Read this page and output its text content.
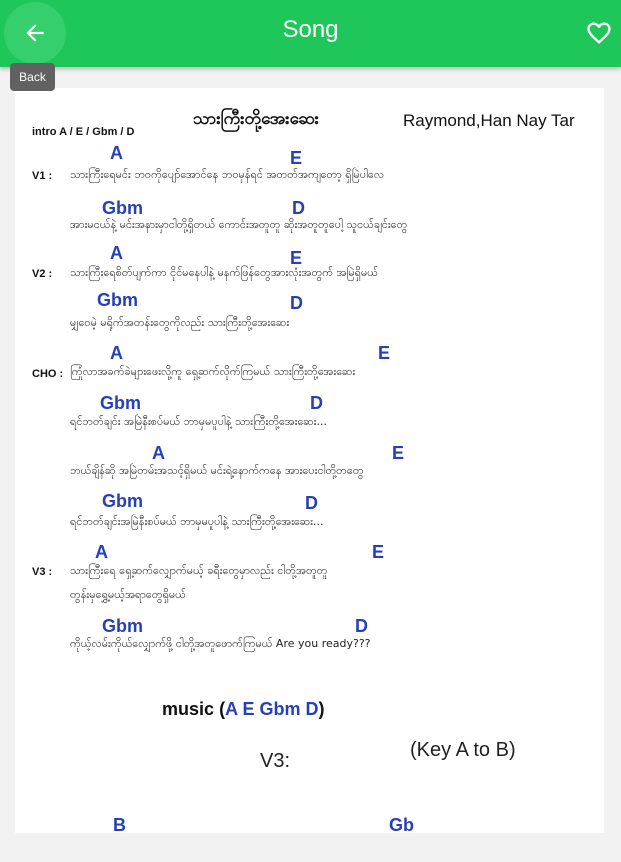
Song
သားကြီးတို့အေးဆေး	Raymond,Han Nay Tar
intro A / E / Gbm / D
A	E
V1 : သားကြီးရေမင်း ဘဝကိုပျော်အောင်နေ ဘဝမှန်ရင် အတတ်အကျတော့ ရှိမြဲပါလေ
Gbm	D
အားမငယ်နဲ့ မင်းအနားမှာငါတို့ရှိတယ် ကောင်းအတူတူ ဆိုးအတူတူပေါ့ သူငယ်ချင်းတွေ
A	E
V2 : သားကြီးရေစိတ်ပျက်ကာ ငိုင်မနေပါနဲ့ မနက်ဖြန်တွေအားလုံးအတွက် အမြဲရှိမယ်
Gbm	D
မျှဝေမဲ့ မရိုက်အတန်းတွေကိုလည်း သားကြီးတို့အေးဆေး
A	E
CHO : ကြုံလာအခက်ခဲများဖေးလို့ကူ ရှေ့ဆက်လိုက်ကြမယ် သားကြီးတို့အေးဆေး
Gbm	D
ရင်ဘတ်ချင်း အမြဲနီးစပ်မယ် ဘာမှမပူပါနဲ့ သားကြီးတို့အေးဆေး...
A	E
ဘယ်ချိန်ဆို အမြဲတမ်းအသင့်ရှိမယ် မင်းရဲ့နောက်ကနေ အားပေးငါတို့တတွေ
Gbm	D
ရင်ဘတ်ချင်းအမြဲနီးစပ်မယ် ဘာမှမပူပါနဲ့ သားကြီးတို့အေးဆေး...
A	E
V3 : သားကြီးရေ ရှေ့ဆက်လျှောက်မယ့် ခရီးတွေမှာလည်း ငါတို့အတူတူ
တွန်းမှရွှေ့မယ့်အရာတွေရှိမယ်
Gbm	D
ကိုယ့်လမ်းကိုယ်လျှောက်ဖို့ ငါတို့အတူဖောက်ကြမယ် Are you ready???
music (A E Gbm D)
V3:	(Key A to B)
B	Gb
Back
